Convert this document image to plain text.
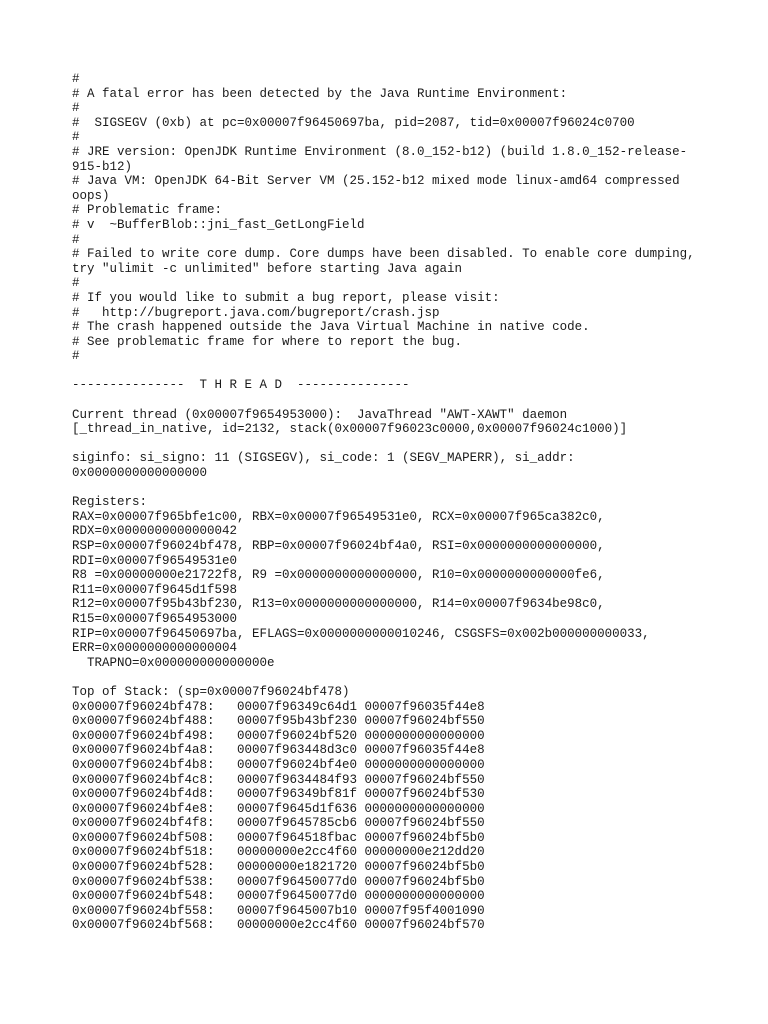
#
# A fatal error has been detected by the Java Runtime Environment:
#
#  SIGSEGV (0xb) at pc=0x00007f96450697ba, pid=2087, tid=0x00007f96024c0700
#
# JRE version: OpenJDK Runtime Environment (8.0_152-b12) (build 1.8.0_152-release-
915-b12)
# Java VM: OpenJDK 64-Bit Server VM (25.152-b12 mixed mode linux-amd64 compressed
oops)
# Problematic frame:
# v  ~BufferBlob::jni_fast_GetLongField
#
# Failed to write core dump. Core dumps have been disabled. To enable core dumping,
try "ulimit -c unlimited" before starting Java again
#
# If you would like to submit a bug report, please visit:
#   http://bugreport.java.com/bugreport/crash.jsp
# The crash happened outside the Java Virtual Machine in native code.
# See problematic frame for where to report the bug.
#
---------------  T H R E A D  ---------------
Current thread (0x00007f9654953000):  JavaThread "AWT-XAWT" daemon
[_thread_in_native, id=2132, stack(0x00007f96023c0000,0x00007f96024c1000)]
siginfo: si_signo: 11 (SIGSEGV), si_code: 1 (SEGV_MAPERR), si_addr:
0x0000000000000000
Registers:
RAX=0x00007f965bfe1c00, RBX=0x00007f96549531e0, RCX=0x00007f965ca382c0,
RDX=0x0000000000000042
RSP=0x00007f96024bf478, RBP=0x00007f96024bf4a0, RSI=0x0000000000000000,
RDI=0x00007f96549531e0
R8 =0x00000000e21722f8, R9 =0x0000000000000000, R10=0x0000000000000fe6,
R11=0x00007f9645d1f598
R12=0x00007f95b43bf230, R13=0x0000000000000000, R14=0x00007f9634be98c0,
R15=0x00007f9654953000
RIP=0x00007f96450697ba, EFLAGS=0x0000000000010246, CSGSFS=0x002b000000000033,
ERR=0x0000000000000004
TRAPNO=0x000000000000000e
Top of Stack: (sp=0x00007f96024bf478)
0x00007f96024bf478:   00007f96349c64d1 00007f96035f44e8
0x00007f96024bf488:   00007f95b43bf230 00007f96024bf550
0x00007f96024bf498:   00007f96024bf520 0000000000000000
0x00007f96024bf4a8:   00007f963448d3c0 00007f96035f44e8
0x00007f96024bf4b8:   00007f96024bf4e0 0000000000000000
0x00007f96024bf4c8:   00007f9634484f93 00007f96024bf550
0x00007f96024bf4d8:   00007f96349bf81f 00007f96024bf530
0x00007f96024bf4e8:   00007f9645d1f636 0000000000000000
0x00007f96024bf4f8:   00007f9645785cb6 00007f96024bf550
0x00007f96024bf508:   00007f964518fbac 00007f96024bf5b0
0x00007f96024bf518:   00000000e2cc4f60 00000000e212dd20
0x00007f96024bf528:   00000000e1821720 00007f96024bf5b0
0x00007f96024bf538:   00007f96450077d0 00007f96024bf5b0
0x00007f96024bf548:   00007f96450077d0 0000000000000000
0x00007f96024bf558:   00007f9645007b10 00007f95f4001090
0x00007f96024bf568:   00000000e2cc4f60 00007f96024bf570
